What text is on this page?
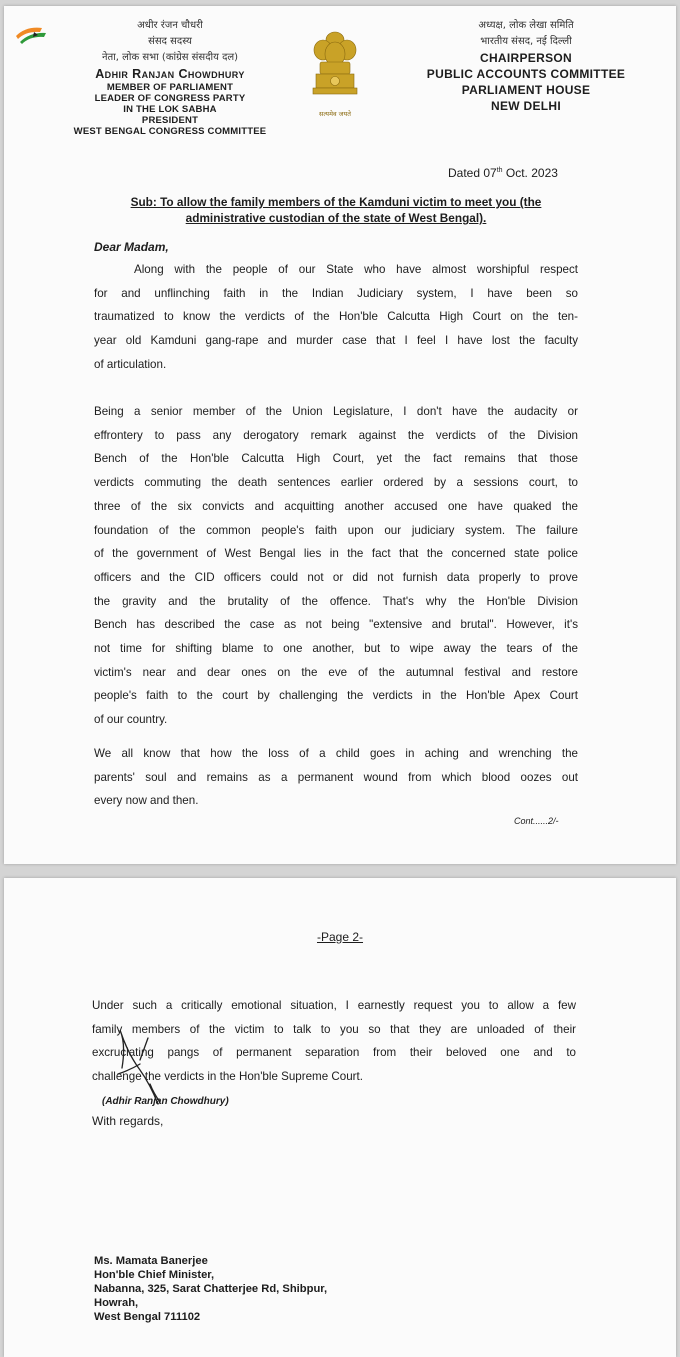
अधीर रंजन चौधरी
संसद सदस्य
नेता, लोक सभा (कांग्रेस संसदीय दल)
Adhir Ranjan Chowdhury
MEMBER OF PARLIAMENT
LEADER OF CONGRESS PARTY
IN THE LOK SABHA
PRESIDENT
WEST BENGAL CONGRESS COMMITTEE
सत्यमेव जयते
अध्यक्ष, लोक लेखा समिति
भारतीय संसद, नई दिल्ली
CHAIRPERSON
PUBLIC ACCOUNTS COMMITTEE
PARLIAMENT HOUSE
NEW DELHI
Dated 07th Oct. 2023
Sub: To allow the family members of the Kamduni victim to meet you (the
administrative custodian of the state of West Bengal).
Dear Madam,
Along with the people of our State who have almost worshipful respect
for and unflinching faith in the Indian Judiciary system, I have been so
traumatized to know the verdicts of the Hon'ble Calcutta High Court on the ten-
year old Kamduni gang-rape and murder case that I feel I have lost the faculty
of articulation.
Being a senior member of the Union Legislature, I don't have the audacity or
effrontery to pass any derogatory remark against the verdicts of the Division
Bench of the Hon'ble Calcutta High Court, yet the fact remains that those
verdicts commuting the death sentences earlier ordered by a sessions court, to
three of the six convicts and acquitting another accused one have quaked the
foundation of the common people's faith upon our judiciary system. The failure
of the government of West Bengal lies in the fact that the concerned state police
officers and the CID officers could not or did not furnish data properly to prove
the gravity and the brutality of the offence. That's why the Hon'ble Division
Bench has described the case as not being "extensive and brutal". However, it's
not time for shifting blame to one another, but to wipe away the tears of the
victim's near and dear ones on the eve of the autumnal festival and restore
people's faith to the court by challenging the verdicts in the Hon'ble Apex Court
of our country.
We all know that how the loss of a child goes in aching and wrenching the
parents' soul and remains as a permanent wound from which blood oozes out
every now and then.
Cont......2/-
-Page 2-
Under such a critically emotional situation, I earnestly request you to allow a few
family members of the victim to talk to you so that they are unloaded of their
excruciating pangs of permanent separation from their beloved one and to
challenge the verdicts in the Hon'ble Supreme Court.
With regards,
(Adhir Ranjan Chowdhury)
Ms. Mamata Banerjee
Hon'ble Chief Minister,
Nabanna, 325, Sarat Chatterjee Rd, Shibpur,
Howrah,
West Bengal 711102
